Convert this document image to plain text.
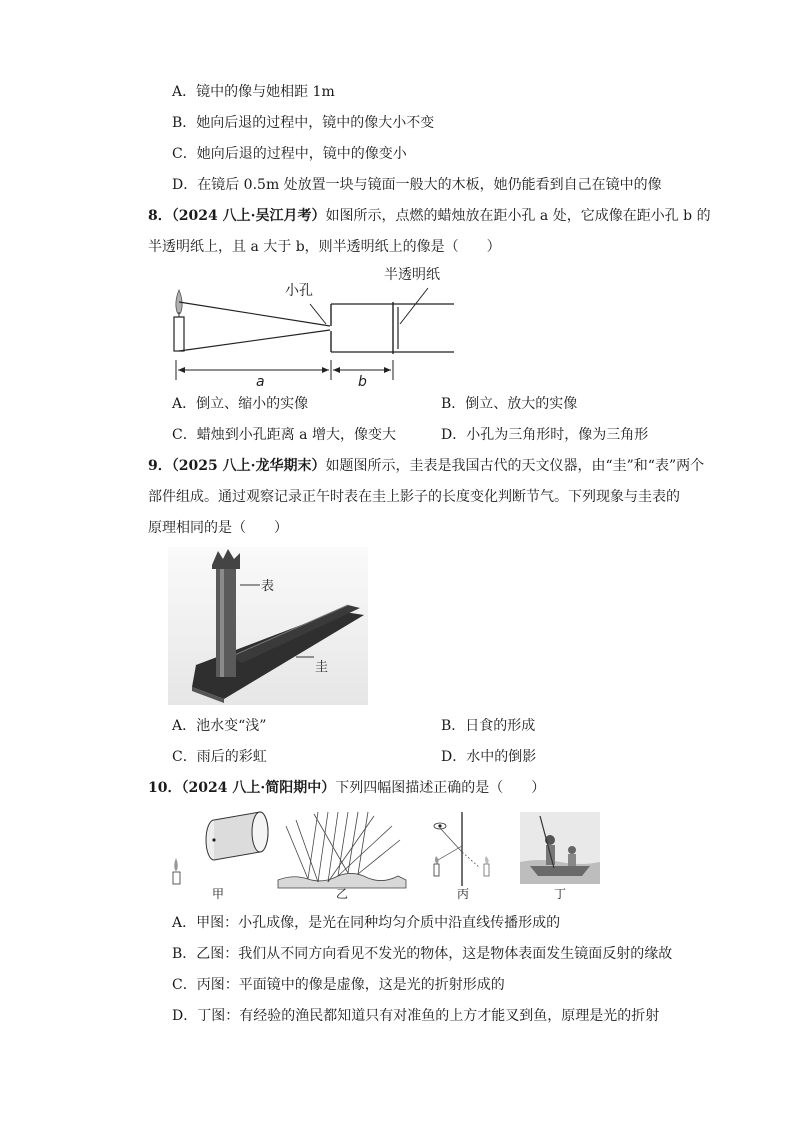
A．镜中的像与她相距 1m
B．她向后退的过程中，镜中的像大小不变
C．她向后退的过程中，镜中的像变小
D．在镜后 0.5m 处放置一块与镜面一般大的木板，她仍能看到自己在镜中的像
8．（2024 八上·吴江月考）如图所示，点燃的蜡烛放在距小孔 a 处，它成像在距小孔 b 的
半透明纸上，且 a 大于 b，则半透明纸上的像是（　　）
小孔
半透明纸
a	b
A．倒立、缩小的实像	B．倒立、放大的实像
C．蜡烛到小孔距离 a 增大，像变大	D．小孔为三角形时，像为三角形
9．（2025 八上·龙华期末）如题图所示，圭表是我国古代的天文仪器，由“圭”和“表”两个
部件组成。通过观察记录正午时表在圭上影子的长度变化判断节气。下列现象与圭表的
原理相同的是（　　）
表
圭
A．池水变“浅”	B．日食的形成
C．雨后的彩虹	D．水中的倒影
10．（2024 八上·简阳期中）下列四幅图描述正确的是（　　）
甲	乙	丙	丁
A．甲图：小孔成像，是光在同种均匀介质中沿直线传播形成的
B．乙图：我们从不同方向看见不发光的物体，这是物体表面发生镜面反射的缘故
C．丙图：平面镜中的像是虚像，这是光的折射形成的
D．丁图：有经验的渔民都知道只有对准鱼的上方才能叉到鱼，原理是光的折射
